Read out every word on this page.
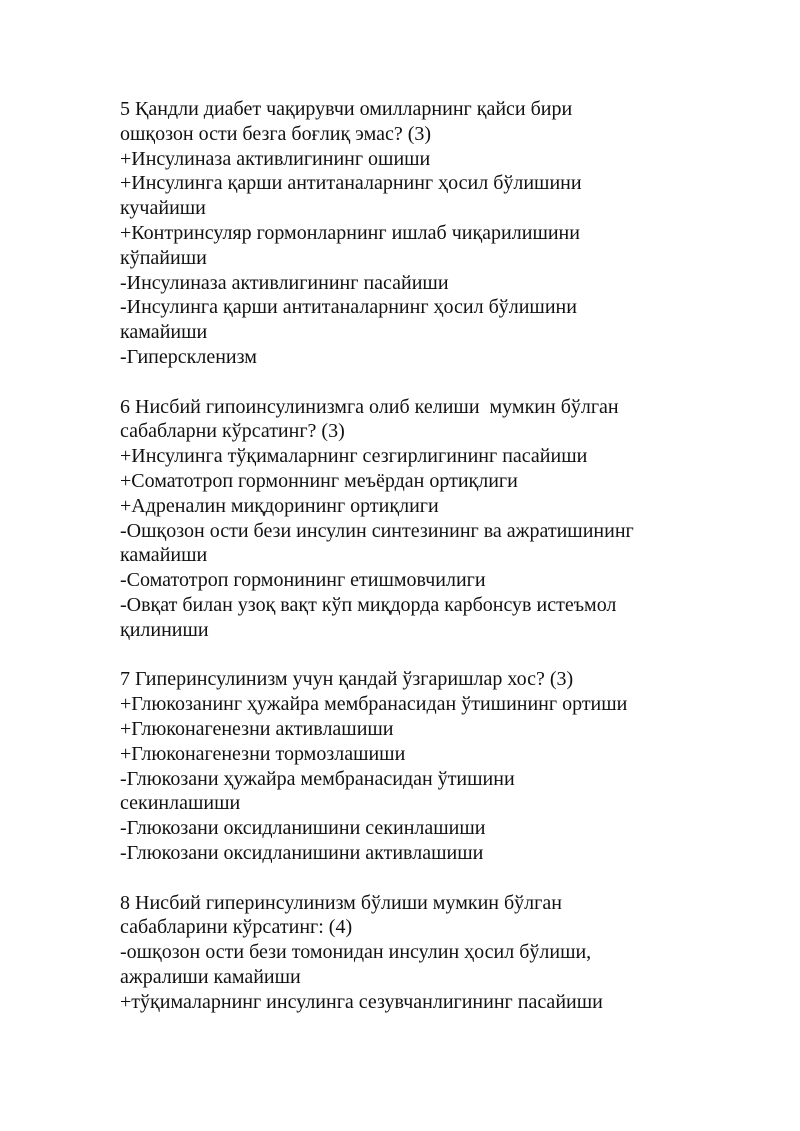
5 Қандли диабет чақирувчи омилларнинг қайси бири
ошқозон ости безга боғлиқ эмас? (3)
+Инсулиназа активлигининг ошиши
+Инсулинга қарши антитаналарнинг ҳосил бўлишини
кучайиши
+Контринсуляр гормонларнинг ишлаб чиқарилишини
кўпайиши
-Инсулиназа активлигининг пасайиши
-Инсулинга қарши антитаналарнинг ҳосил бўлишини
камайиши
-Гиперскленизм
6 Нисбий гипоинсулинизмга олиб келиши  мумкин бўлган
сабабларни кўрсатинг? (3)
+Инсулинга тўқималарнинг сезгирлигининг пасайиши
+Соматотроп гормоннинг меъёрдан ортиқлиги
+Адреналин миқдорининг ортиқлиги
-Ошқозон ости бези инсулин синтезининг ва ажратишининг
камайиши
-Соматотроп гормонининг етишмовчилиги
-Овқат билан узоқ вақт кўп миқдорда карбонсув истеъмол
қилиниши
7 Гиперинсулинизм учун қандай ўзгаришлар хос? (3)
+Глюкозанинг ҳужайра мембранасидан ўтишининг ортиши
+Глюконагенезни активлашиши
+Глюконагенезни тормозлашиши
-Глюкозани ҳужайра мембранасидан ўтишини
секинлашиши
-Глюкозани оксидланишини секинлашиши
-Глюкозани оксидланишини активлашиши
8 Нисбий гиперинсулинизм бўлиши мумкин бўлган
сабабларини кўрсатинг: (4)
-ошқозон ости бези томонидан инсулин ҳосил бўлиши,
ажралиши камайиши
+тўқималарнинг инсулинга сезувчанлигининг пасайиши
